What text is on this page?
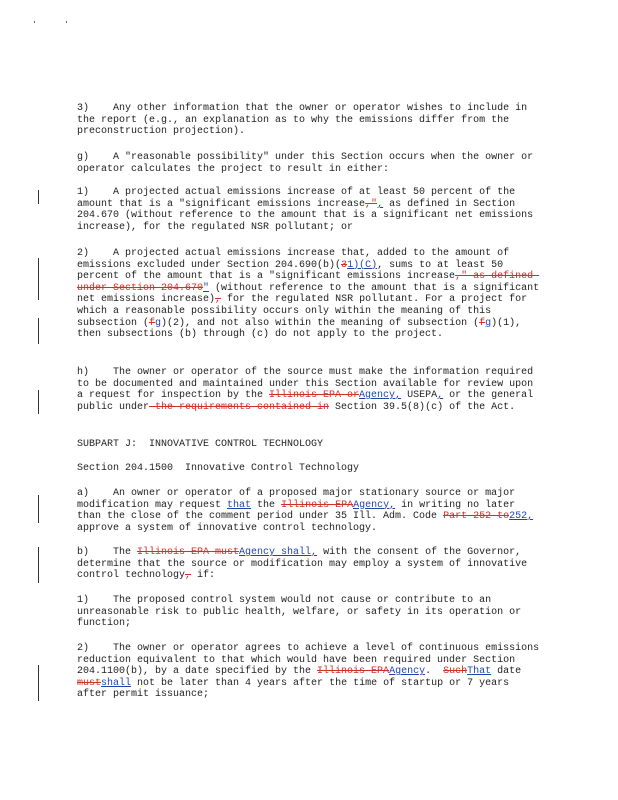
3)    Any other information that the owner or operator wishes to include in the report (e.g., an explanation as to why the emissions differ from the preconstruction projection).
g)    A "reasonable possibility" under this Section occurs when the owner or operator calculates the project to result in either:
1)    A projected actual emissions increase of at least 50 percent of the amount that is a "significant emissions increase,", as defined in Section 204.670 (without reference to the amount that is a significant net emissions increase), for the regulated NSR pollutant; or
2)    A projected actual emissions increase that, added to the amount of emissions excluded under Section 204.690(b)(31)(C), sums to at least 50 percent of the amount that is a "significant emissions increase," as defined under Section 204.670" (without reference to the amount that is a significant net emissions increase), for the regulated NSR pollutant. For a project for which a reasonable possibility occurs only within the meaning of this subsection (fg)(2), and not also within the meaning of subsection (fg)(1), then subsections (b) through (c) do not apply to the project.
h)    The owner or operator of the source must make the information required to be documented and maintained under this Section available for review upon a request for inspection by the Illinois EPA orAgency, USEPA, or the general public under the requirements contained in Section 39.5(8)(c) of the Act.
SUBPART J:  INNOVATIVE CONTROL TECHNOLOGY
Section 204.1500  Innovative Control Technology
a)    An owner or operator of a proposed major stationary source or major modification may request that the Illinois EPAAgency, in writing no later than the close of the comment period under 35 Ill. Adm. Code Part 252 to252, approve a system of innovative control technology.
b)    The Illinois EPA mustAgency shall, with the consent of the Governor, determine that the source or modification may employ a system of innovative control technology, if:
1)    The proposed control system would not cause or contribute to an unreasonable risk to public health, welfare, or safety in its operation or function;
2)    The owner or operator agrees to achieve a level of continuous emissions reduction equivalent to that which would have been required under Section 204.1100(b), by a date specified by the Illinois EPAAgency.  SuchThat date mustshall not be later than 4 years after the time of startup or 7 years after permit issuance;
